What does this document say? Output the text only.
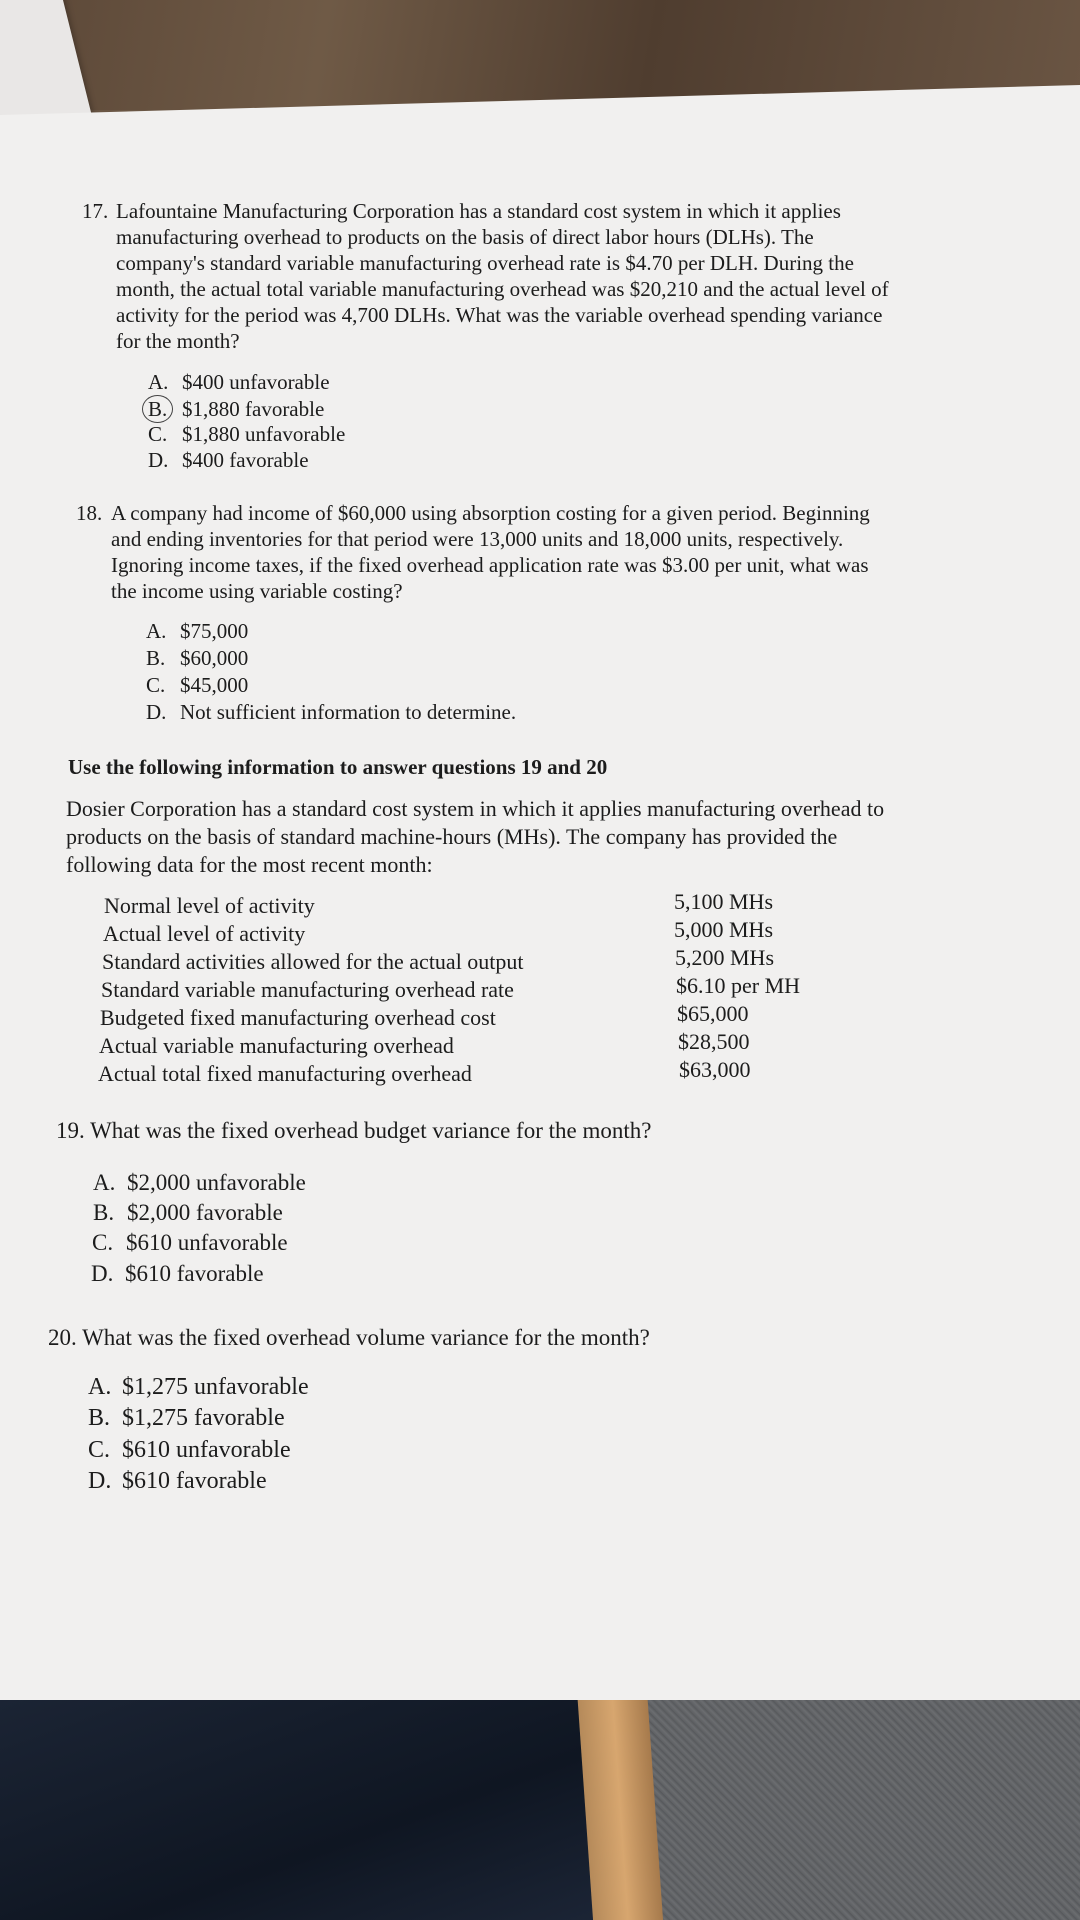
17. Lafountaine Manufacturing Corporation has a standard cost system in which it applies
manufacturing overhead to products on the basis of direct labor hours (DLHs). The
company's standard variable manufacturing overhead rate is $4.70 per DLH. During the
month, the actual total variable manufacturing overhead was $20,210 and the actual level of
activity for the period was 4,700 DLHs. What was the variable overhead spending variance
for the month?
A. $400 unfavorable
B. $1,880 favorable
C. $1,880 unfavorable
D. $400 favorable
18. A company had income of $60,000 using absorption costing for a given period. Beginning
and ending inventories for that period were 13,000 units and 18,000 units, respectively.
Ignoring income taxes, if the fixed overhead application rate was $3.00 per unit, what was
the income using variable costing?
A. $75,000
B. $60,000
C. $45,000
D. Not sufficient information to determine.
Use the following information to answer questions 19 and 20
Dosier Corporation has a standard cost system in which it applies manufacturing overhead to
products on the basis of standard machine-hours (MHs). The company has provided the
following data for the most recent month:
Normal level of activity	5,100 MHs
Actual level of activity	5,000 MHs
Standard activities allowed for the actual output	5,200 MHs
Standard variable manufacturing overhead rate	$6.10 per MH
Budgeted fixed manufacturing overhead cost	$65,000
Actual variable manufacturing overhead	$28,500
Actual total fixed manufacturing overhead	$63,000
19. What was the fixed overhead budget variance for the month?
A. $2,000 unfavorable
B. $2,000 favorable
C. $610 unfavorable
D. $610 favorable
20. What was the fixed overhead volume variance for the month?
A. $1,275 unfavorable
B. $1,275 favorable
C. $610 unfavorable
D. $610 favorable
